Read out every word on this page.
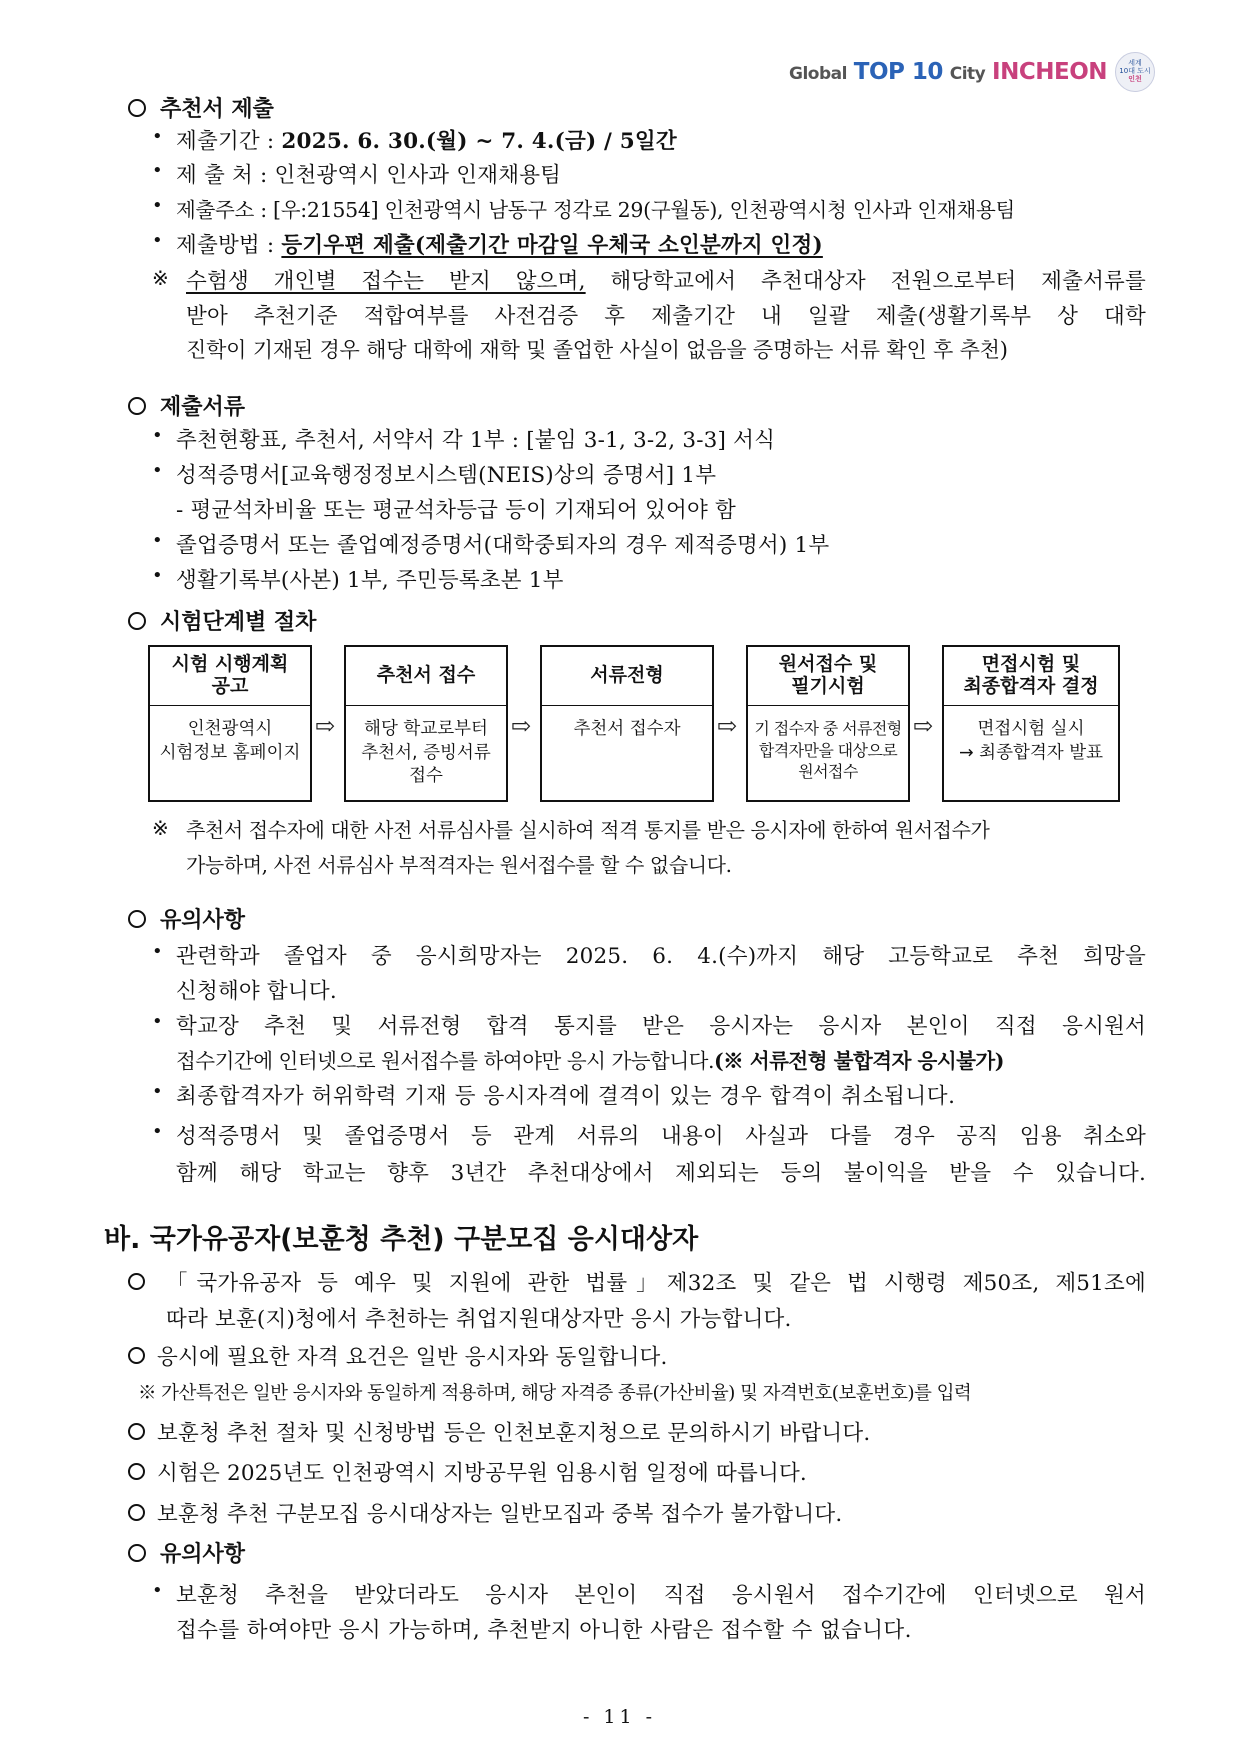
Global TOP 10 City INCHEON	세계
10대 도시
인천
추천서 제출
• 제출기간 : 2025. 6. 30.(월) ~ 7. 4.(금) / 5일간
• 제 출 처 : 인천광역시 인사과 인재채용팀
• 제출주소 : [우:21554] 인천광역시 남동구 정각로 29(구월동), 인천광역시청 인사과 인재채용팀
• 제출방법 : 등기우편 제출(제출기간 마감일 우체국 소인분까지 인정)
※ 수험생 개인별 접수는 받지 않으며, 해당학교에서 추천대상자 전원으로부터 제출서류를
받아 추천기준 적합여부를 사전검증 후 제출기간 내 일괄 제출(생활기록부 상 대학
진학이 기재된 경우 해당 대학에 재학 및 졸업한 사실이 없음을 증명하는 서류 확인 후 추천)
제출서류
• 추천현황표, 추천서, 서약서 각 1부 : [붙임 3-1, 3-2, 3-3] 서식
• 성적증명서[교육행정정보시스템(NEIS)상의 증명서] 1부
- 평균석차비율 또는 평균석차등급 등이 기재되어 있어야 함
• 졸업증명서 또는 졸업예정증명서(대학중퇴자의 경우 제적증명서) 1부
• 생활기록부(사본) 1부, 주민등록초본 1부
시험단계별 절차
시험 시행계획
공고
인천광역시
시험정보 홈페이지
⇨
추천서 접수
해당 학교로부터
추천서, 증빙서류
접수
⇨
서류전형
추천서 접수자	⇨
원서접수 및
필기시험
기 접수자 중 서류전형
합격자만을 대상으로
원서접수
⇨
면접시험 및
최종합격자 결정
면접시험 실시
→ 최종합격자 발표
※ 추천서 접수자에 대한 사전 서류심사를 실시하여 적격 통지를 받은 응시자에 한하여 원서접수가
가능하며, 사전 서류심사 부적격자는 원서접수를 할 수 없습니다.
유의사항
• 관련학과 졸업자 중 응시희망자는 2025. 6. 4.(수)까지 해당 고등학교로 추천 희망을
신청해야 합니다.
• 학교장 추천 및 서류전형 합격 통지를 받은 응시자는 응시자 본인이 직접 응시원서
접수기간에 인터넷으로 원서접수를 하여야만 응시 가능합니다.(※ 서류전형 불합격자 응시불가)
• 최종합격자가 허위학력 기재 등 응시자격에 결격이 있는 경우 합격이 취소됩니다.
• 성적증명서 및 졸업증명서 등 관계 서류의 내용이 사실과 다를 경우 공직 임용 취소와
함께 해당 학교는 향후 3년간 추천대상에서 제외되는 등의 불이익을 받을 수 있습니다.
바. 국가유공자(보훈청 추천) 구분모집 응시대상자
「국가유공자 등 예우 및 지원에 관한 법률」제32조 및 같은 법 시행령 제50조, 제51조에
따라 보훈(지)청에서 추천하는 취업지원대상자만 응시 가능합니다.
응시에 필요한 자격 요건은 일반 응시자와 동일합니다.
※ 가산특전은 일반 응시자와 동일하게 적용하며, 해당 자격증 종류(가산비율) 및 자격번호(보훈번호)를 입력
보훈청 추천 절차 및 신청방법 등은 인천보훈지청으로 문의하시기 바랍니다.
시험은 2025년도 인천광역시 지방공무원 임용시험 일정에 따릅니다.
보훈청 추천 구분모집 응시대상자는 일반모집과 중복 접수가 불가합니다.
유의사항
• 보훈청 추천을 받았더라도 응시자 본인이 직접 응시원서 접수기간에 인터넷으로 원서
접수를 하여야만 응시 가능하며, 추천받지 아니한 사람은 접수할 수 없습니다.
- 11 -
